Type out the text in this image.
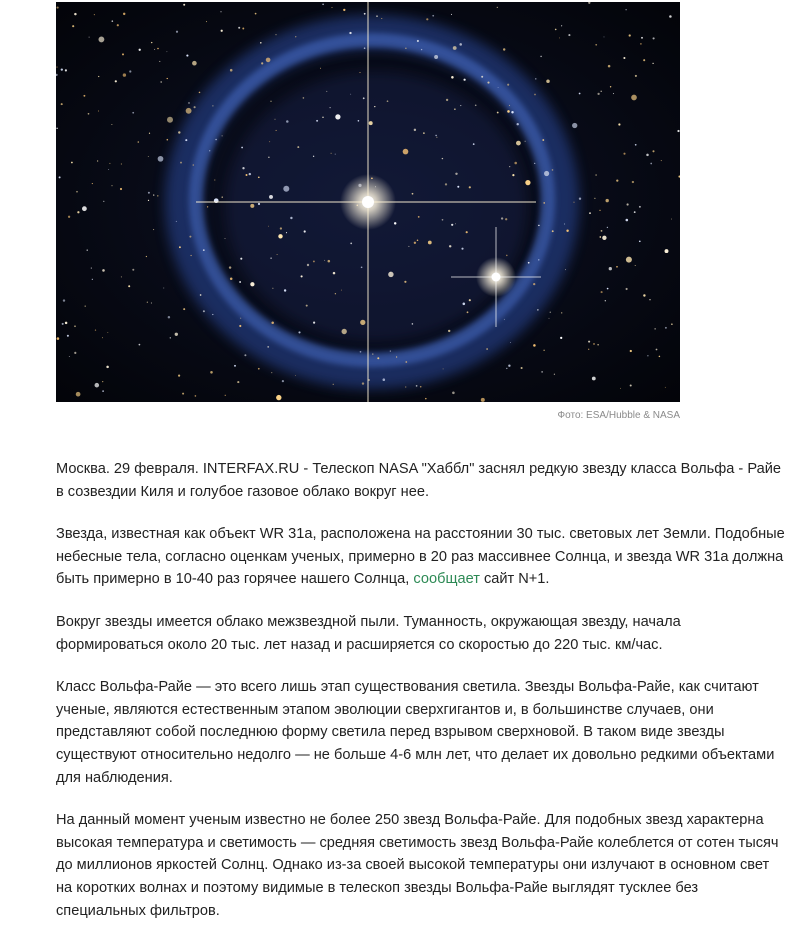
Фото: ESA/Hubble & NASA

Москва. 29 февраля. INTERFAX.RU - Телескоп NASA "Хаббл" заснял редкую звезду класса Вольфа - Райе в созвездии Киля и голубое газовое облако вокруг нее.

Звезда, известная как объект WR 31a, расположена на расстоянии 30 тыс. световых лет Земли. Подобные небесные тела, согласно оценкам ученых, примерно в 20 раз массивнее Солнца, и звезда WR 31a должна быть примерно в 10-40 раз горячее нашего Солнца, сообщает сайт N+1.

Вокруг звезды имеется облако межзвездной пыли. Туманность, окружающая звезду, начала формироваться около 20 тыс. лет назад и расширяется со скоростью до 220 тыс. км/час.

Класс Вольфа-Райе — это всего лишь этап существования светила. Звезды Вольфа-Райе, как считают ученые, являются естественным этапом эволюции сверхгигантов и, в большинстве случаев, они представляют собой последнюю форму светила перед взрывом сверхновой. В таком виде звезды существуют относительно недолго — не больше 4-6 млн лет, что делает их довольно редкими объектами для наблюдения.

На данный момент ученым известно не более 250 звезд Вольфа-Райе. Для подобных звезд характерна высокая температура и светимость — средняя светимость звезд Вольфа-Райе колеблется от сотен тысяч до миллионов яркостей Солнц. Однако из-за своей высокой температуры они излучают в основном свет на коротких волнах и поэтому видимые в телескоп звезды Вольфа-Райе выглядят тусклее без специальных фильтров.
